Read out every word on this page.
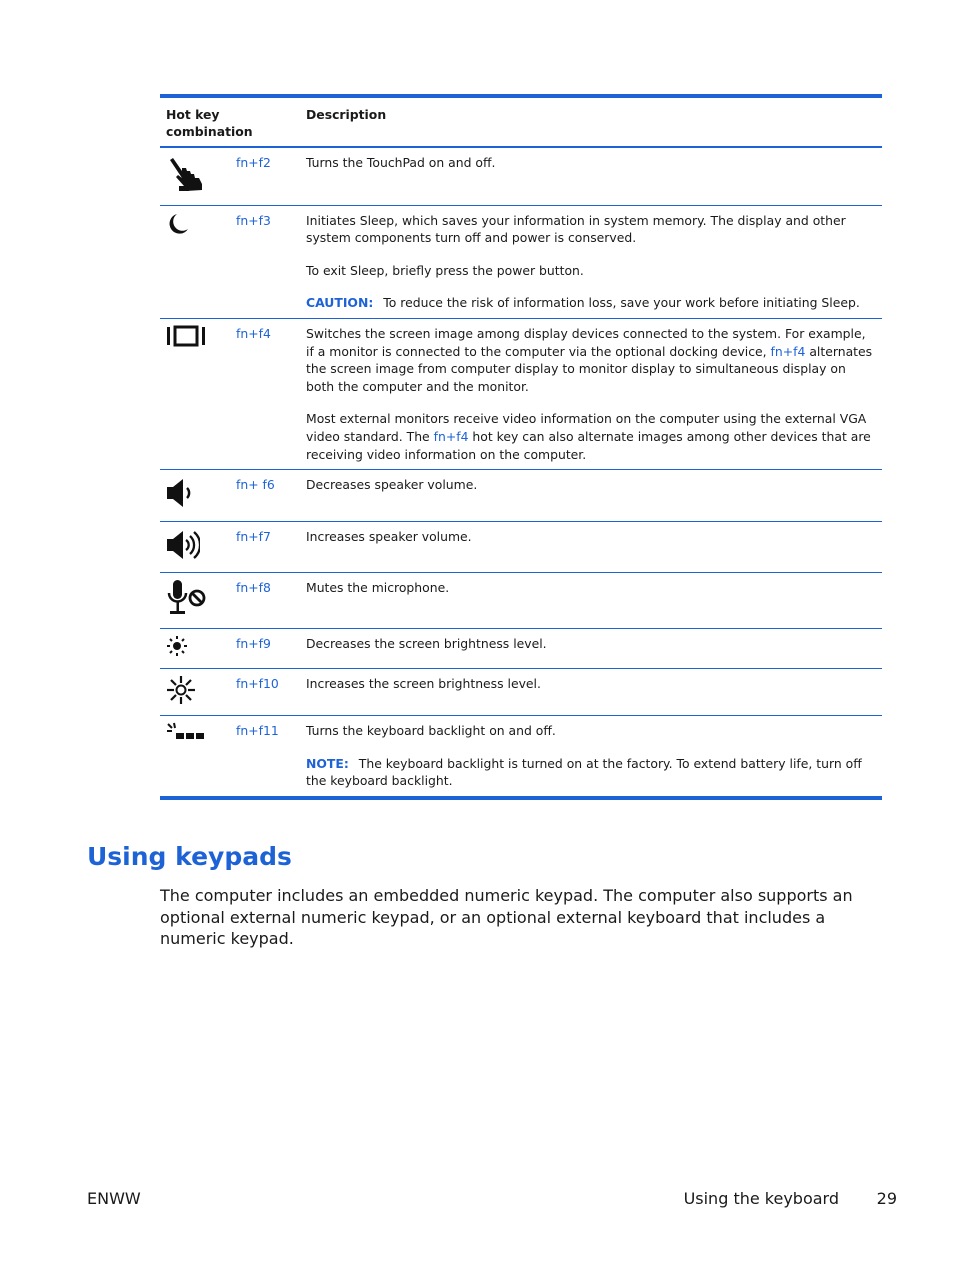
Hot key combination		Description

	fn+f2	Turns the TouchPad on and off.

	fn+f3	Initiates Sleep, which saves your information in system memory. The display and other system components turn off and power is conserved.

To exit Sleep, briefly press the power button.

CAUTION: To reduce the risk of information loss, save your work before initiating Sleep.

	fn+f4	Switches the screen image among display devices connected to the system. For example, if a monitor is connected to the computer via the optional docking device, fn+f4 alternates the screen image from computer display to monitor display to simultaneous display on both the computer and the monitor.

Most external monitors receive video information on the computer using the external VGA video standard. The fn+f4 hot key can also alternate images among other devices that are receiving video information on the computer.

	fn+ f6	Decreases speaker volume.

	fn+f7	Increases speaker volume.

	fn+f8	Mutes the microphone.

	fn+f9	Decreases the screen brightness level.

	fn+f10	Increases the screen brightness level.

	fn+f11	Turns the keyboard backlight on and off.

NOTE: The keyboard backlight is turned on at the factory. To extend battery life, turn off the keyboard backlight.

Using keypads

The computer includes an embedded numeric keypad. The computer also supports an optional external numeric keypad, or an optional external keyboard that includes a numeric keypad.

ENWW	Using the keyboard 29
